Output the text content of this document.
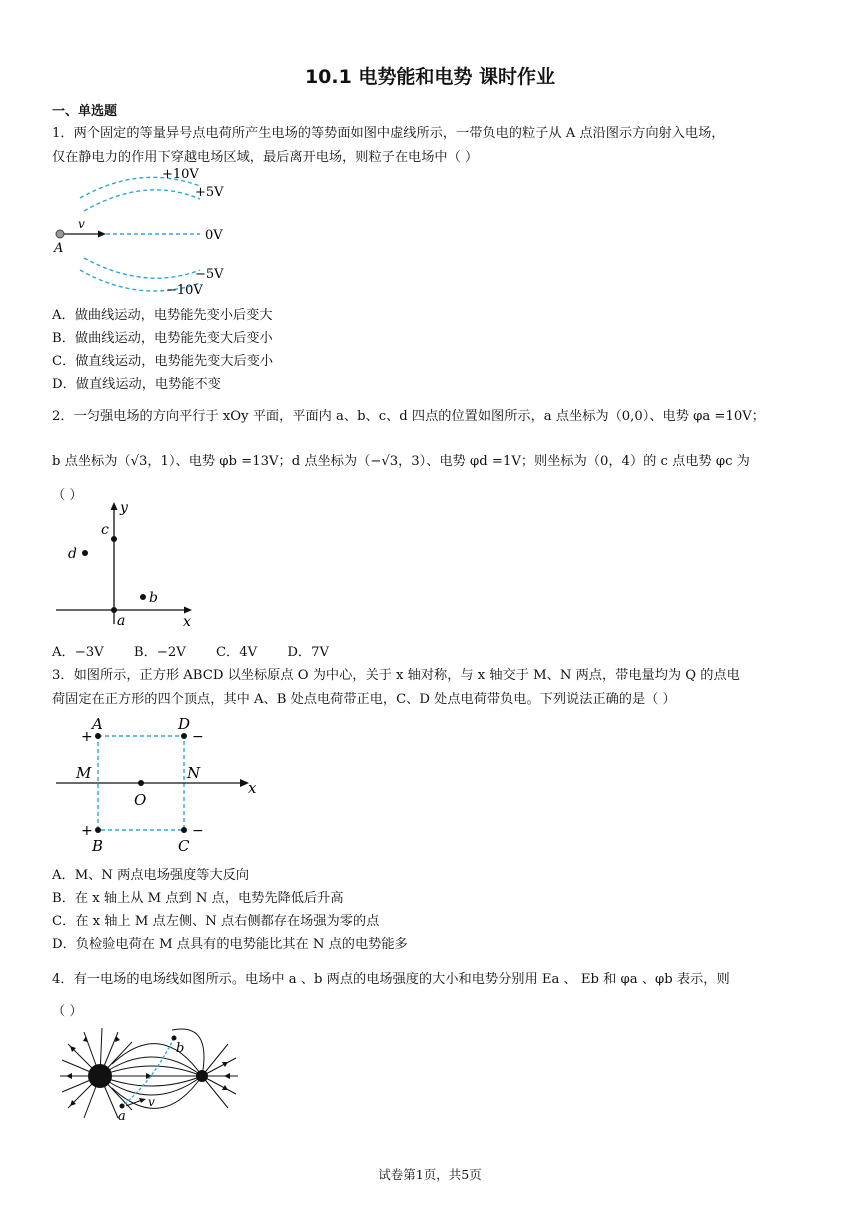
10.1 电势能和电势 课时作业
一、单选题
1．两个固定的等量异号点电荷所产生电场的等势面如图中虚线所示，一带负电的粒子从 A 点沿图示方向射入电场，
仅在静电力的作用下穿越电场区域，最后离开电场，则粒子在电场中（ ）
+10V
+5V
0V
−5V
−10V
v
A
A．做曲线运动，电势能先变小后变大
B．做曲线运动，电势能先变大后变小
C．做直线运动，电势能先变大后变小
D．做直线运动，电势能不变
2．一匀强电场的方向平行于 xOy 平面，平面内 a、b、c、d 四点的位置如图所示，a 点坐标为（0,0）、电势 φa =10V；
b 点坐标为（√3，1）、电势 φb =13V；d 点坐标为（−√3，3）、电势 φd =1V；则坐标为（0，4）的 c 点电势 φc 为
（ ）
y
x
a
b
c
d
A．−3V B．−2V C．4V D．7V
3．如图所示，正方形 ABCD 以坐标原点 O 为中心，关于 x 轴对称，与 x 轴交于 M、N 两点，带电量均为 Q 的点电
荷固定在正方形的四个顶点，其中 A、B 处点电荷带正电，C、D 处点电荷带负电。下列说法正确的是（ ）
A	D
B	C
M	N
O
x
+
+
−
−
A．M、N 两点电场强度等大反向
B．在 x 轴上从 M 点到 N 点，电势先降低后升高
C．在 x 轴上 M 点左侧、N 点右侧都存在场强为零的点
D．负检验电荷在 M 点具有的电势能比其在 N 点的电势能多
4．有一电场的电场线如图所示。电场中 a 、b 两点的电场强度的大小和电势分别用 Ea 、 Eb 和 φa 、φb 表示，则
（ ）
b
a
v
试卷第1页，共5页
